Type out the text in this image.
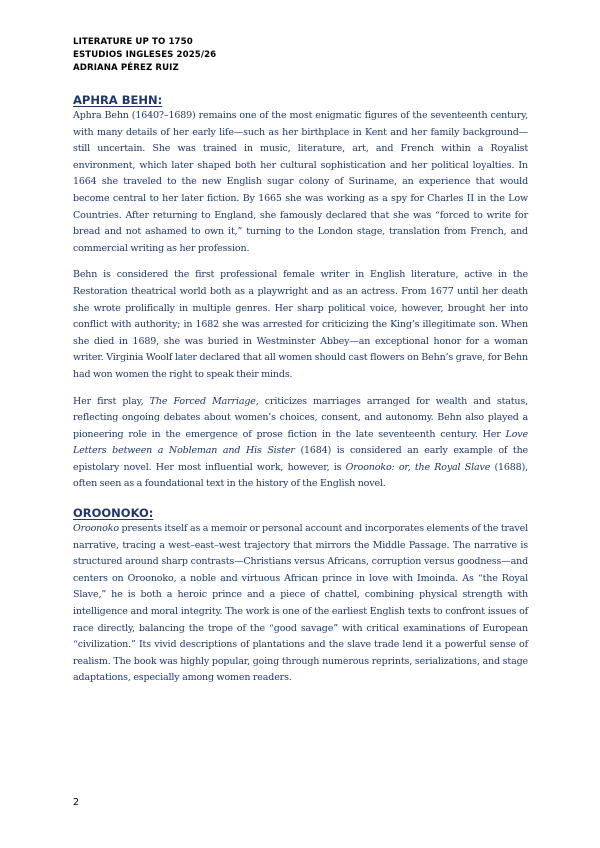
LITERATURE UP TO 1750
ESTUDIOS INGLESES 2025/26
ADRIANA PÉREZ RUIZ
APHRA BEHN:

Aphra Behn (1640?–1689) remains one of the most enigmatic figures of the seventeenth century, with many details of her early life—such as her birthplace in Kent and her family background—still uncertain. She was trained in music, literature, art, and French within a Royalist environment, which later shaped both her cultural sophistication and her political loyalties. In 1664 she traveled to the new English sugar colony of Suriname, an experience that would become central to her later fiction. By 1665 she was working as a spy for Charles II in the Low Countries. After returning to England, she famously declared that she was “forced to write for bread and not ashamed to own it,” turning to the London stage, translation from French, and commercial writing as her profession.

Behn is considered the first professional female writer in English literature, active in the Restoration theatrical world both as a playwright and as an actress. From 1677 until her death she wrote prolifically in multiple genres. Her sharp political voice, however, brought her into conflict with authority; in 1682 she was arrested for criticizing the King’s illegitimate son. When she died in 1689, she was buried in Westminster Abbey—an exceptional honor for a woman writer. Virginia Woolf later declared that all women should cast flowers on Behn’s grave, for Behn had won women the right to speak their minds.

Her first play, The Forced Marriage, criticizes marriages arranged for wealth and status, reflecting ongoing debates about women’s choices, consent, and autonomy. Behn also played a pioneering role in the emergence of prose fiction in the late seventeenth century. Her Love Letters between a Nobleman and His Sister (1684) is considered an early example of the epistolary novel. Her most influential work, however, is Oroonoko: or, the Royal Slave (1688), often seen as a foundational text in the history of the English novel.

OROONOKO:

Oroonoko presents itself as a memoir or personal account and incorporates elements of the travel narrative, tracing a west–east–west trajectory that mirrors the Middle Passage. The narrative is structured around sharp contrasts—Christians versus Africans, corruption versus goodness—and centers on Oroonoko, a noble and virtuous African prince in love with Imoinda. As “the Royal Slave,” he is both a heroic prince and a piece of chattel, combining physical strength with intelligence and moral integrity. The work is one of the earliest English texts to confront issues of race directly, balancing the trope of the “good savage” with critical examinations of European “civilization.” Its vivid descriptions of plantations and the slave trade lend it a powerful sense of realism. The book was highly popular, going through numerous reprints, serializations, and stage adaptations, especially among women readers.

2
